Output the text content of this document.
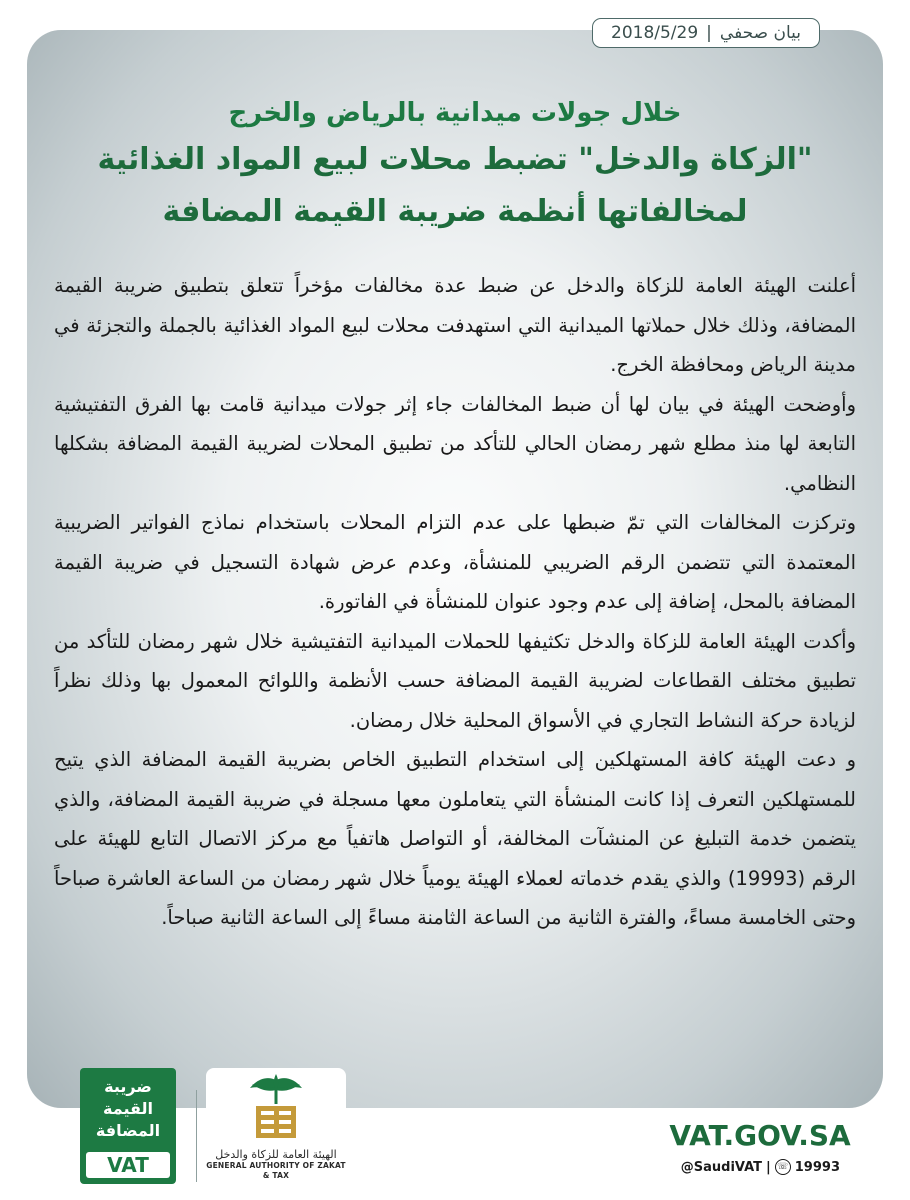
بيان صحفي
|
2018/5/29
خلال جولات ميدانية بالرياض والخرج
"الزكاة والدخل" تضبط محلات لبيع المواد الغذائية
لمخالفاتها أنظمة ضريبة القيمة المضافة

أعلنت الهيئة العامة للزكاة والدخل عن ضبط عدة مخالفات مؤخراً تتعلق بتطبيق ضريبة القيمة المضافة، وذلك خلال حملاتها الميدانية التي استهدفت محلات لبيع المواد الغذائية بالجملة والتجزئة في مدينة الرياض ومحافظة الخرج.

وأوضحت الهيئة في بيان لها أن ضبط المخالفات جاء إثر جولات ميدانية قامت بها الفرق التفتيشية التابعة لها منذ مطلع شهر رمضان الحالي للتأكد من تطبيق المحلات لضريبة القيمة المضافة بشكلها النظامي.

وتركزت المخالفات التي تمّ ضبطها على عدم التزام المحلات باستخدام نماذج الفواتير الضريبية المعتمدة التي تتضمن الرقم الضريبي للمنشأة، وعدم عرض شهادة التسجيل في ضريبة القيمة المضافة بالمحل، إضافة إلى عدم وجود عنوان للمنشأة في الفاتورة.

وأكدت الهيئة العامة للزكاة والدخل تكثيفها للحملات الميدانية التفتيشية خلال شهر رمضان للتأكد من تطبيق مختلف القطاعات لضريبة القيمة المضافة حسب الأنظمة واللوائح المعمول بها وذلك نظراً لزيادة حركة النشاط التجاري في الأسواق المحلية خلال رمضان.

و دعت الهيئة كافة المستهلكين إلى استخدام التطبيق الخاص بضريبة القيمة المضافة الذي يتيح للمستهلكين التعرف إذا كانت المنشأة التي يتعاملون معها مسجلة في ضريبة القيمة المضافة، والذي يتضمن خدمة التبليغ عن المنشآت المخالفة، أو التواصل هاتفياً مع مركز الاتصال التابع للهيئة على الرقم (19993) والذي يقدم خدماته لعملاء الهيئة يومياً خلال شهر رمضان من الساعة العاشرة صباحاً وحتى الخامسة مساءً، والفترة الثانية من الساعة الثامنة مساءً إلى الساعة الثانية صباحاً.

ضريبة
القيمة
المضافة
VAT	الهيئة العامة للزكاة والدخل
GENERAL AUTHORITY OF ZAKAT & TAX
VAT.GOV.SA
@SaudiVAT | ☏ 19993
